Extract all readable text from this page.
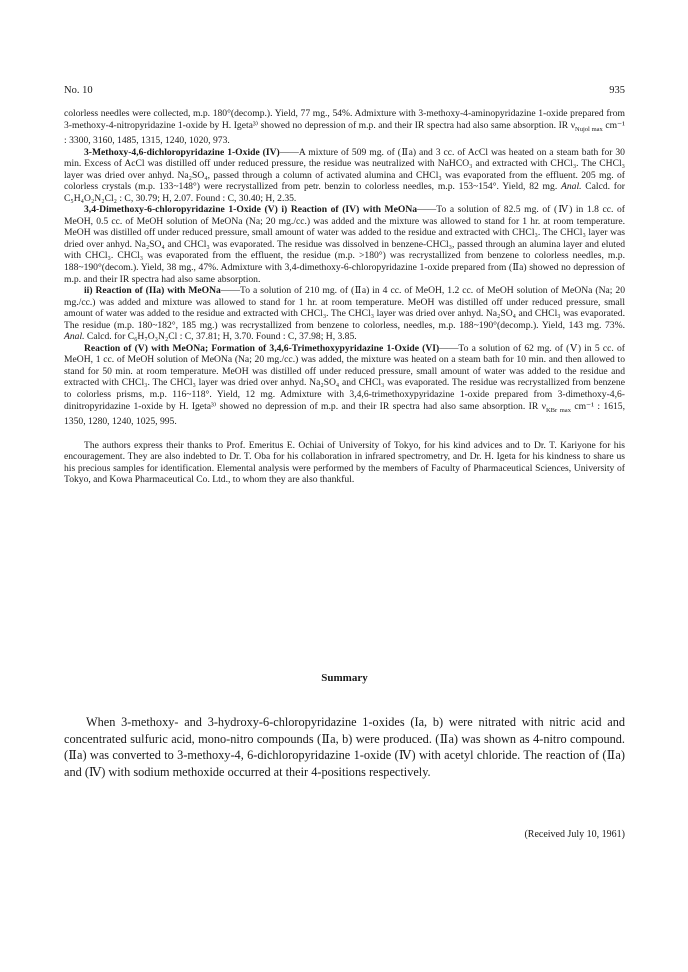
No. 10	935

colorless needles were collected, m.p. 180°(decomp.). Yield, 77 mg., 54%. Admixture with 3-methoxy-4-aminopyridazine 1-oxide prepared from 3-methoxy-4-nitropyridazine 1-oxide by H. Igeta³⁾ showed no depression of m.p. and their IR spectra had also same absorption. IR $\nu_{Nujol max}$ cm⁻¹ : 3300, 3160, 1485, 1315, 1240, 1020, 973.

3-Methoxy-4,6-dichloropyridazine 1-Oxide (IV)——A mixture of 509 mg. of (Ⅱa) and 3 cc. of AcCl was heated on a steam bath for 30 min. Excess of AcCl was distilled off under reduced pressure, the residue was neutralized with NaHCO₃ and extracted with CHCl₃. The CHCl₃ layer was dried over anhyd. Na₂SO₄, passed through a column of activated alumina and CHCl₃ was evaporated from the effluent. 205 mg. of colorless crystals (m.p. 133~148°) were recrystallized from petr. benzin to colorless needles, m.p. 153~154°. Yield, 82 mg. Anal. Calcd. for C₅H₄O₂N₂Cl₂ : C, 30.79; H, 2.07. Found : C, 30.40; H, 2.35.

3,4-Dimethoxy-6-chloropyridazine 1-Oxide (V) i) Reaction of (IV) with MeONa——To a solution of 82.5 mg. of (Ⅳ) in 1.8 cc. of MeOH, 0.5 cc. of MeOH solution of MeONa (Na; 20 mg./cc.) was added and the mixture was allowed to stand for 1 hr. at room temperature. MeOH was distilled off under reduced pressure, small amount of water was added to the residue and extracted with CHCl₃. The CHCl₃ layer was dried over anhyd. Na₂SO₄ and CHCl₃ was evaporated. The residue was dissolved in benzene-CHCl₃, passed through an alumina layer and eluted with CHCl₃. CHCl₃ was evaporated from the effluent, the residue (m.p. >180°) was recrystallized from benzene to colorless needles, m.p. 188~190°(decom.). Yield, 38 mg., 47%. Admixture with 3,4-dimethoxy-6-chloropyridazine 1-oxide prepared from (Ⅱa) showed no depression of m.p. and their IR spectra had also same absorption.

ii) Reaction of (IIa) with MeONa——To a solution of 210 mg. of (Ⅱa) in 4 cc. of MeOH, 1.2 cc. of MeOH solution of MeONa (Na; 20 mg./cc.) was added and mixture was allowed to stand for 1 hr. at room temperature. MeOH was distilled off under reduced pressure, small amount of water was added to the residue and extracted with CHCl₃. The CHCl₃ layer was dried over anhyd. Na₂SO₄ and CHCl₃ was evaporated. The residue (m.p. 180~182°, 185 mg.) was recrystallized from benzene to colorless, needles, m.p. 188~190°(decomp.). Yield, 143 mg. 73%. Anal. Calcd. for C₆H₇O₃N₂Cl : C, 37.81; H, 3.70. Found : C, 37.98; H, 3.85.

Reaction of (V) with MeONa; Formation of 3,4,6-Trimethoxypyridazine 1-Oxide (VI)——To a solution of 62 mg. of (Ⅴ) in 5 cc. of MeOH, 1 cc. of MeOH solution of MeONa (Na; 20 mg./cc.) was added, the mixture was heated on a steam bath for 10 min. and then allowed to stand for 50 min. at room temperature. MeOH was distilled off under reduced pressure, small amount of water was added to the residue and extracted with CHCl₃. The CHCl₃ layer was dried over anhyd. Na₂SO₄ and CHCl₃ was evaporated. The residue was recrystallized from benzene to colorless prisms, m.p. 116~118°. Yield, 12 mg. Admixture with 3,4,6-trimethoxypyridazine 1-oxide prepared from 3-dimethoxy-4,6-dinitropyridazine 1-oxide by H. Igeta³⁾ showed no depression of m.p. and their IR spectra had also same absorption. IR $\nu_{KBr max}$ cm⁻¹ : 1615, 1350, 1280, 1240, 1025, 995.

The authors express their thanks to Prof. Emeritus E. Ochiai of University of Tokyo, for his kind advices and to Dr. T. Kariyone for his encouragement. They are also indebted to Dr. T. Oba for his collaboration in infrared spectrometry, and Dr. H. Igeta for his kindness to share us his precious samples for identification. Elemental analysis were performed by the members of Faculty of Pharmaceutical Sciences, University of Tokyo, and Kowa Pharmaceutical Co. Ltd., to whom they are also thankful.

Summary

When 3-methoxy- and 3-hydroxy-6-chloropyridazine 1-oxides (Ia, b) were nitrated with nitric acid and concentrated sulfuric acid, mono-nitro compounds (Ⅱa, b) were produced. (Ⅱa) was shown as 4-nitro compound. (Ⅱa) was converted to 3-methoxy-4, 6-dichloropyridazine 1-oxide (Ⅳ) with acetyl chloride. The reaction of (Ⅱa) and (Ⅳ) with sodium methoxide occurred at their 4-positions respectively.

(Received July 10, 1961)
